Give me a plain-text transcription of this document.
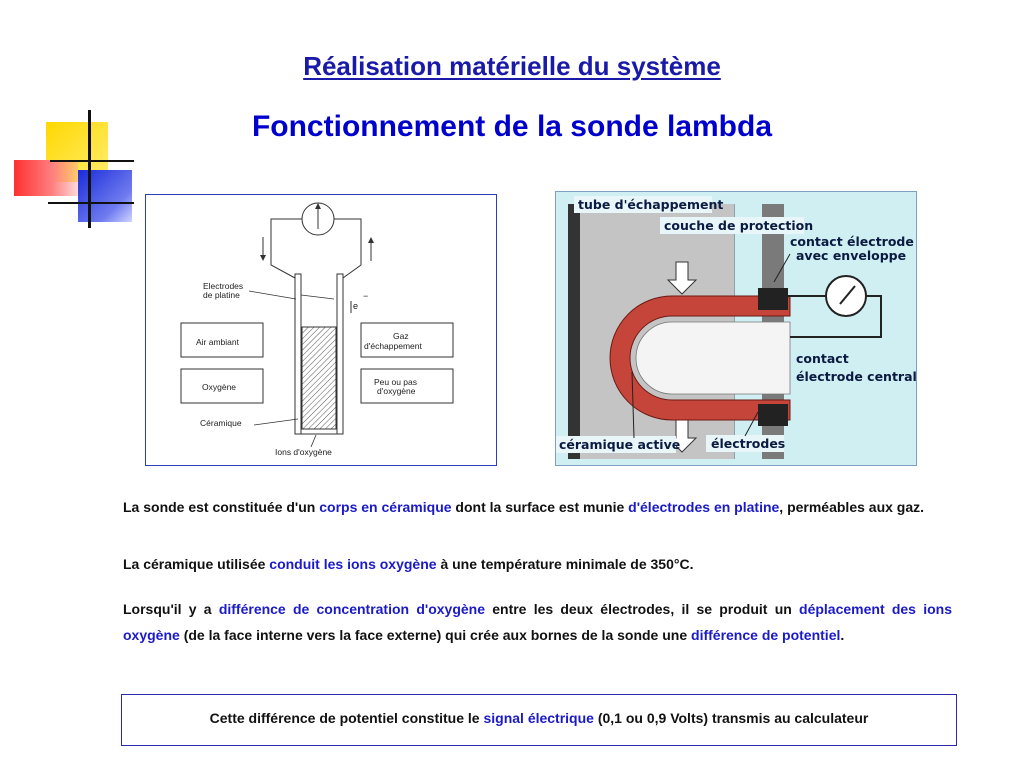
Réalisation matérielle du système
Fonctionnement de la sonde lambda
e
−
Electrodes
de platine
Air ambiant
Oxygène
Gaz
d'échappement
Peu ou pas
d'oxygène
Céramique
Ions d'oxygène
tube d'échappement
couche de protection
contact électrode
avec enveloppe
contact
électrode centrale
céramique active électrodes
La sonde est constituée d'un corps en céramique dont la surface est munie d'électrodes en platine, perméables aux gaz.
La céramique utilisée conduit les ions oxygène à une température minimale de 350°C.
Lorsqu'il y a différence de concentration d'oxygène entre les deux électrodes, il se produit un déplacement des ions oxygène (de la face interne vers la face externe) qui crée aux bornes de la sonde une différence de potentiel.
Cette différence de potentiel constitue le signal électrique (0,1 ou 0,9 Volts) transmis au calculateur
